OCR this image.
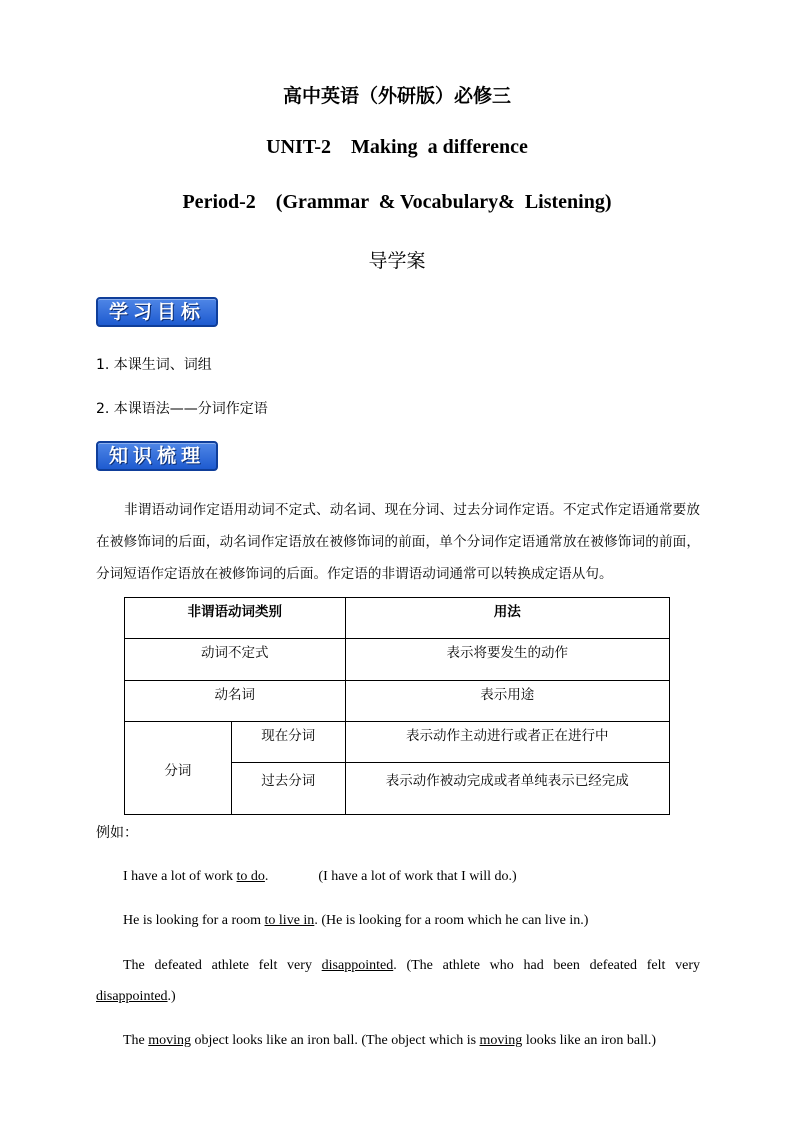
高中英语（外研版）必修三
UNIT-2    Making  a difference
Period-2    (Grammar  & Vocabulary&  Listening)
导学案
学习目标
1. 本课生词、词组
2. 本课语法——分词作定语
知识梳理
非谓语动词作定语用动词不定式、动名词、现在分词、过去分词作定语。不定式作定语通常要放在被修饰词的后面，动名词作定语放在被修饰词的前面，单个分词作定语通常放在被修饰词的前面，分词短语作定语放在被修饰词的后面。作定语的非谓语动词通常可以转换成定语从句。
非谓语动词类别		用法
动词不定式		表示将要发生的动作
动名词		表示用途
分词	现在分词	表示动作主动进行或者正在进行中
	过去分词	表示动作被动完成或者单纯表示已经完成
例如：
I have a lot of work to do.	(I have a lot of work that I will do.)
He is looking for a room to live in. (He is looking for a room which he can live in.)
The defeated athlete felt very disappointed. (The athlete who had been defeated felt very disappointed.)
The moving object looks like an iron ball. (The object which is moving looks like an iron ball.)
